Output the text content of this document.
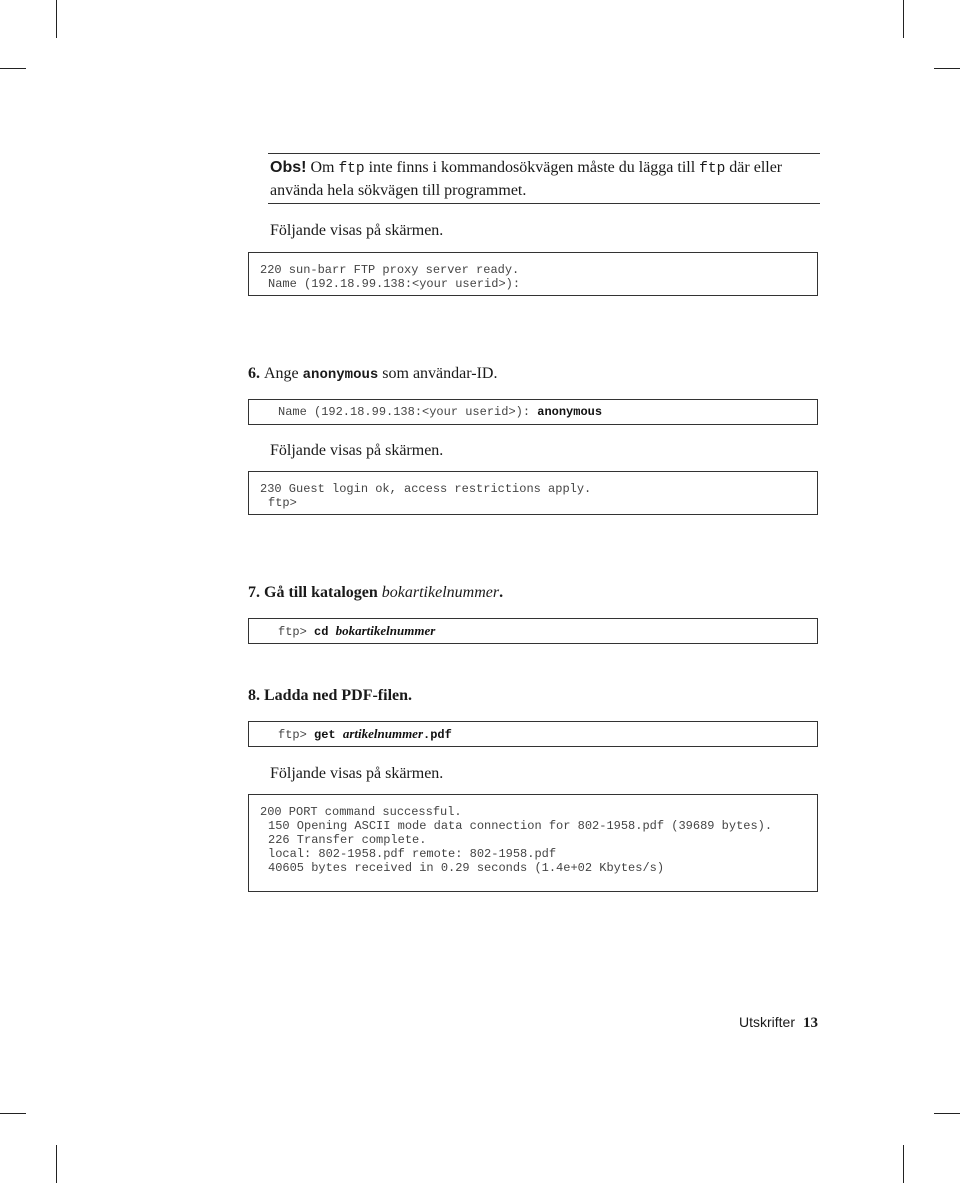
Obs! Om ftp inte finns i kommandosökvägen måste du lägga till ftp där eller
använda hela sökvägen till programmet.
Följande visas på skärmen.
220 sun-barr FTP proxy server ready.
Name (192.18.99.138:<your userid>):
6. Ange anonymous som användar-ID.
Name (192.18.99.138:<your userid>): anonymous
Följande visas på skärmen.
230 Guest login ok, access restrictions apply.
ftp>
7. Gå till katalogen bokartikelnummer.
ftp> cd bokartikelnummer
8. Ladda ned PDF-filen.
ftp> get artikelnummer.pdf
Följande visas på skärmen.
200 PORT command successful.
150 Opening ASCII mode data connection for 802-1958.pdf (39689 bytes).
226 Transfer complete.
local: 802-1958.pdf remote: 802-1958.pdf
40605 bytes received in 0.29 seconds (1.4e+02 Kbytes/s)
Utskrifter 13
